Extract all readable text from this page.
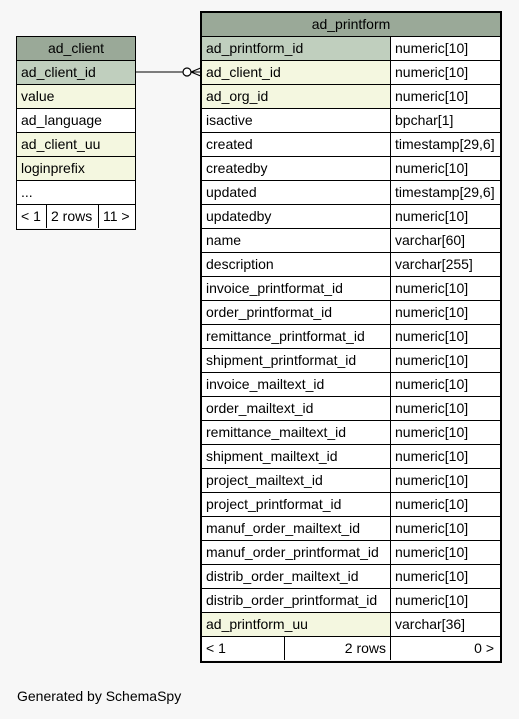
ad_client
ad_client_id
value
ad_language
ad_client_uu
loginprefix
...
< 1 2 rows 11 >
ad_printform
ad_printform_id	numeric[10]
ad_client_id	numeric[10]
ad_org_id	numeric[10]
isactive	bpchar[1]
created	timestamp[29,6]
createdby	numeric[10]
updated	timestamp[29,6]
updatedby	numeric[10]
name	varchar[60]
description	varchar[255]
invoice_printformat_id	numeric[10]
order_printformat_id	numeric[10]
remittance_printformat_id	numeric[10]
shipment_printformat_id	numeric[10]
invoice_mailtext_id	numeric[10]
order_mailtext_id	numeric[10]
remittance_mailtext_id	numeric[10]
shipment_mailtext_id	numeric[10]
project_mailtext_id	numeric[10]
project_printformat_id	numeric[10]
manuf_order_mailtext_id	numeric[10]
manuf_order_printformat_id	numeric[10]
distrib_order_mailtext_id	numeric[10]
distrib_order_printformat_id	numeric[10]
ad_printform_uu	varchar[36]
< 1	2 rows	0 >
Generated by SchemaSpy
